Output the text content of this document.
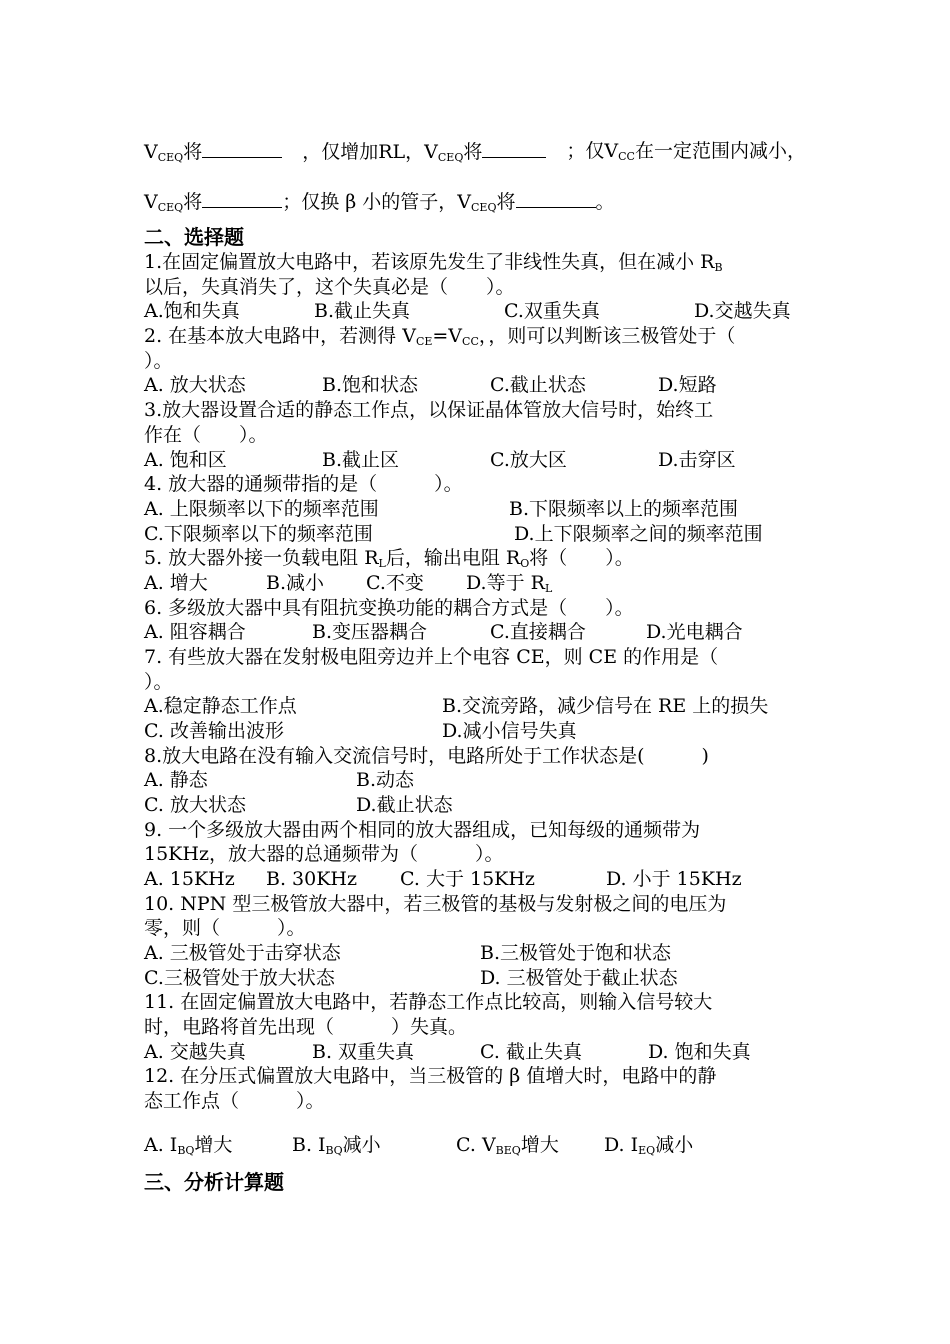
$V_{CEQ}$将	，仅增加RL，$V_{CEQ}$将	；仅$V_{CC}$在一定范围内减小，
$V_{CEQ}$将	；仅换 β 小的管子，$V_{CEQ}$将	。
二、选择题
1.在固定偏置放大电路中，若该原先发生了非线性失真，但在减小 $R_B$
以后，失真消失了，这个失真必是（　　）。
A.饱和失真	B.截止失真	C.双重失真	D.交越失真
2. 在基本放大电路中，若测得 $V_{CE}=V_{CC}$，，则可以判断该三极管处于（
）。
A. 放大状态	B.饱和状态	C.截止状态	D.短路
3.放大器设置合适的静态工作点，以保证晶体管放大信号时，始终工
作在（　　）。
A. 饱和区	B.截止区	C.放大区	D.击穿区
4. 放大器的通频带指的是（　　　）。
A. 上限频率以下的频率范围	B.下限频率以上的频率范围
C.下限频率以下的频率范围	D.上下限频率之间的频率范围
5. 放大器外接一负载电阻 $R_L$后，输出电阻 $R_O$将（　　）。
A. 增大	B.减小 C.不变 D.等于 $R_L$
6. 多级放大器中具有阻抗变换功能的耦合方式是（　　）。
A. 阻容耦合	B.变压器耦合	C.直接耦合	D.光电耦合
7. 有些放大器在发射极电阻旁边并上个电容 CE，则 CE 的作用是（
）。
A.稳定静态工作点	B.交流旁路，减少信号在 RE 上的损失
C. 改善输出波形	D.减小信号失真
8.放大电路在没有输入交流信号时，电路所处于工作状态是(　　　)
A. 静态	B.动态
C. 放大状态	D.截止状态
9. 一个多级放大器由两个相同的放大器组成，已知每级的通频带为
15KHz，放大器的总通频带为（　　　）。
A. 15KHz B. 30KHz C. 大于 15KHz	D. 小于 15KHz
10. NPN 型三极管放大器中，若三极管的基极与发射极之间的电压为
零，则（　　　）。
A. 三极管处于击穿状态	B.三极管处于饱和状态
C.三极管处于放大状态	D. 三极管处于截止状态
11. 在固定偏置放大电路中，若静态工作点比较高，则输入信号较大
时，电路将首先出现（　　　）失真。
A. 交越失真	B. 双重失真	C. 截止失真	D. 饱和失真
12. 在分压式偏置放大电路中，当三极管的 β 值增大时，电路中的静
态工作点（　　　）。
A. $I_{BQ}$增大	B. $I_{BQ}$减小	C. $V_{BEQ}$增大 D. $I_{EQ}$减小
三、分析计算题
